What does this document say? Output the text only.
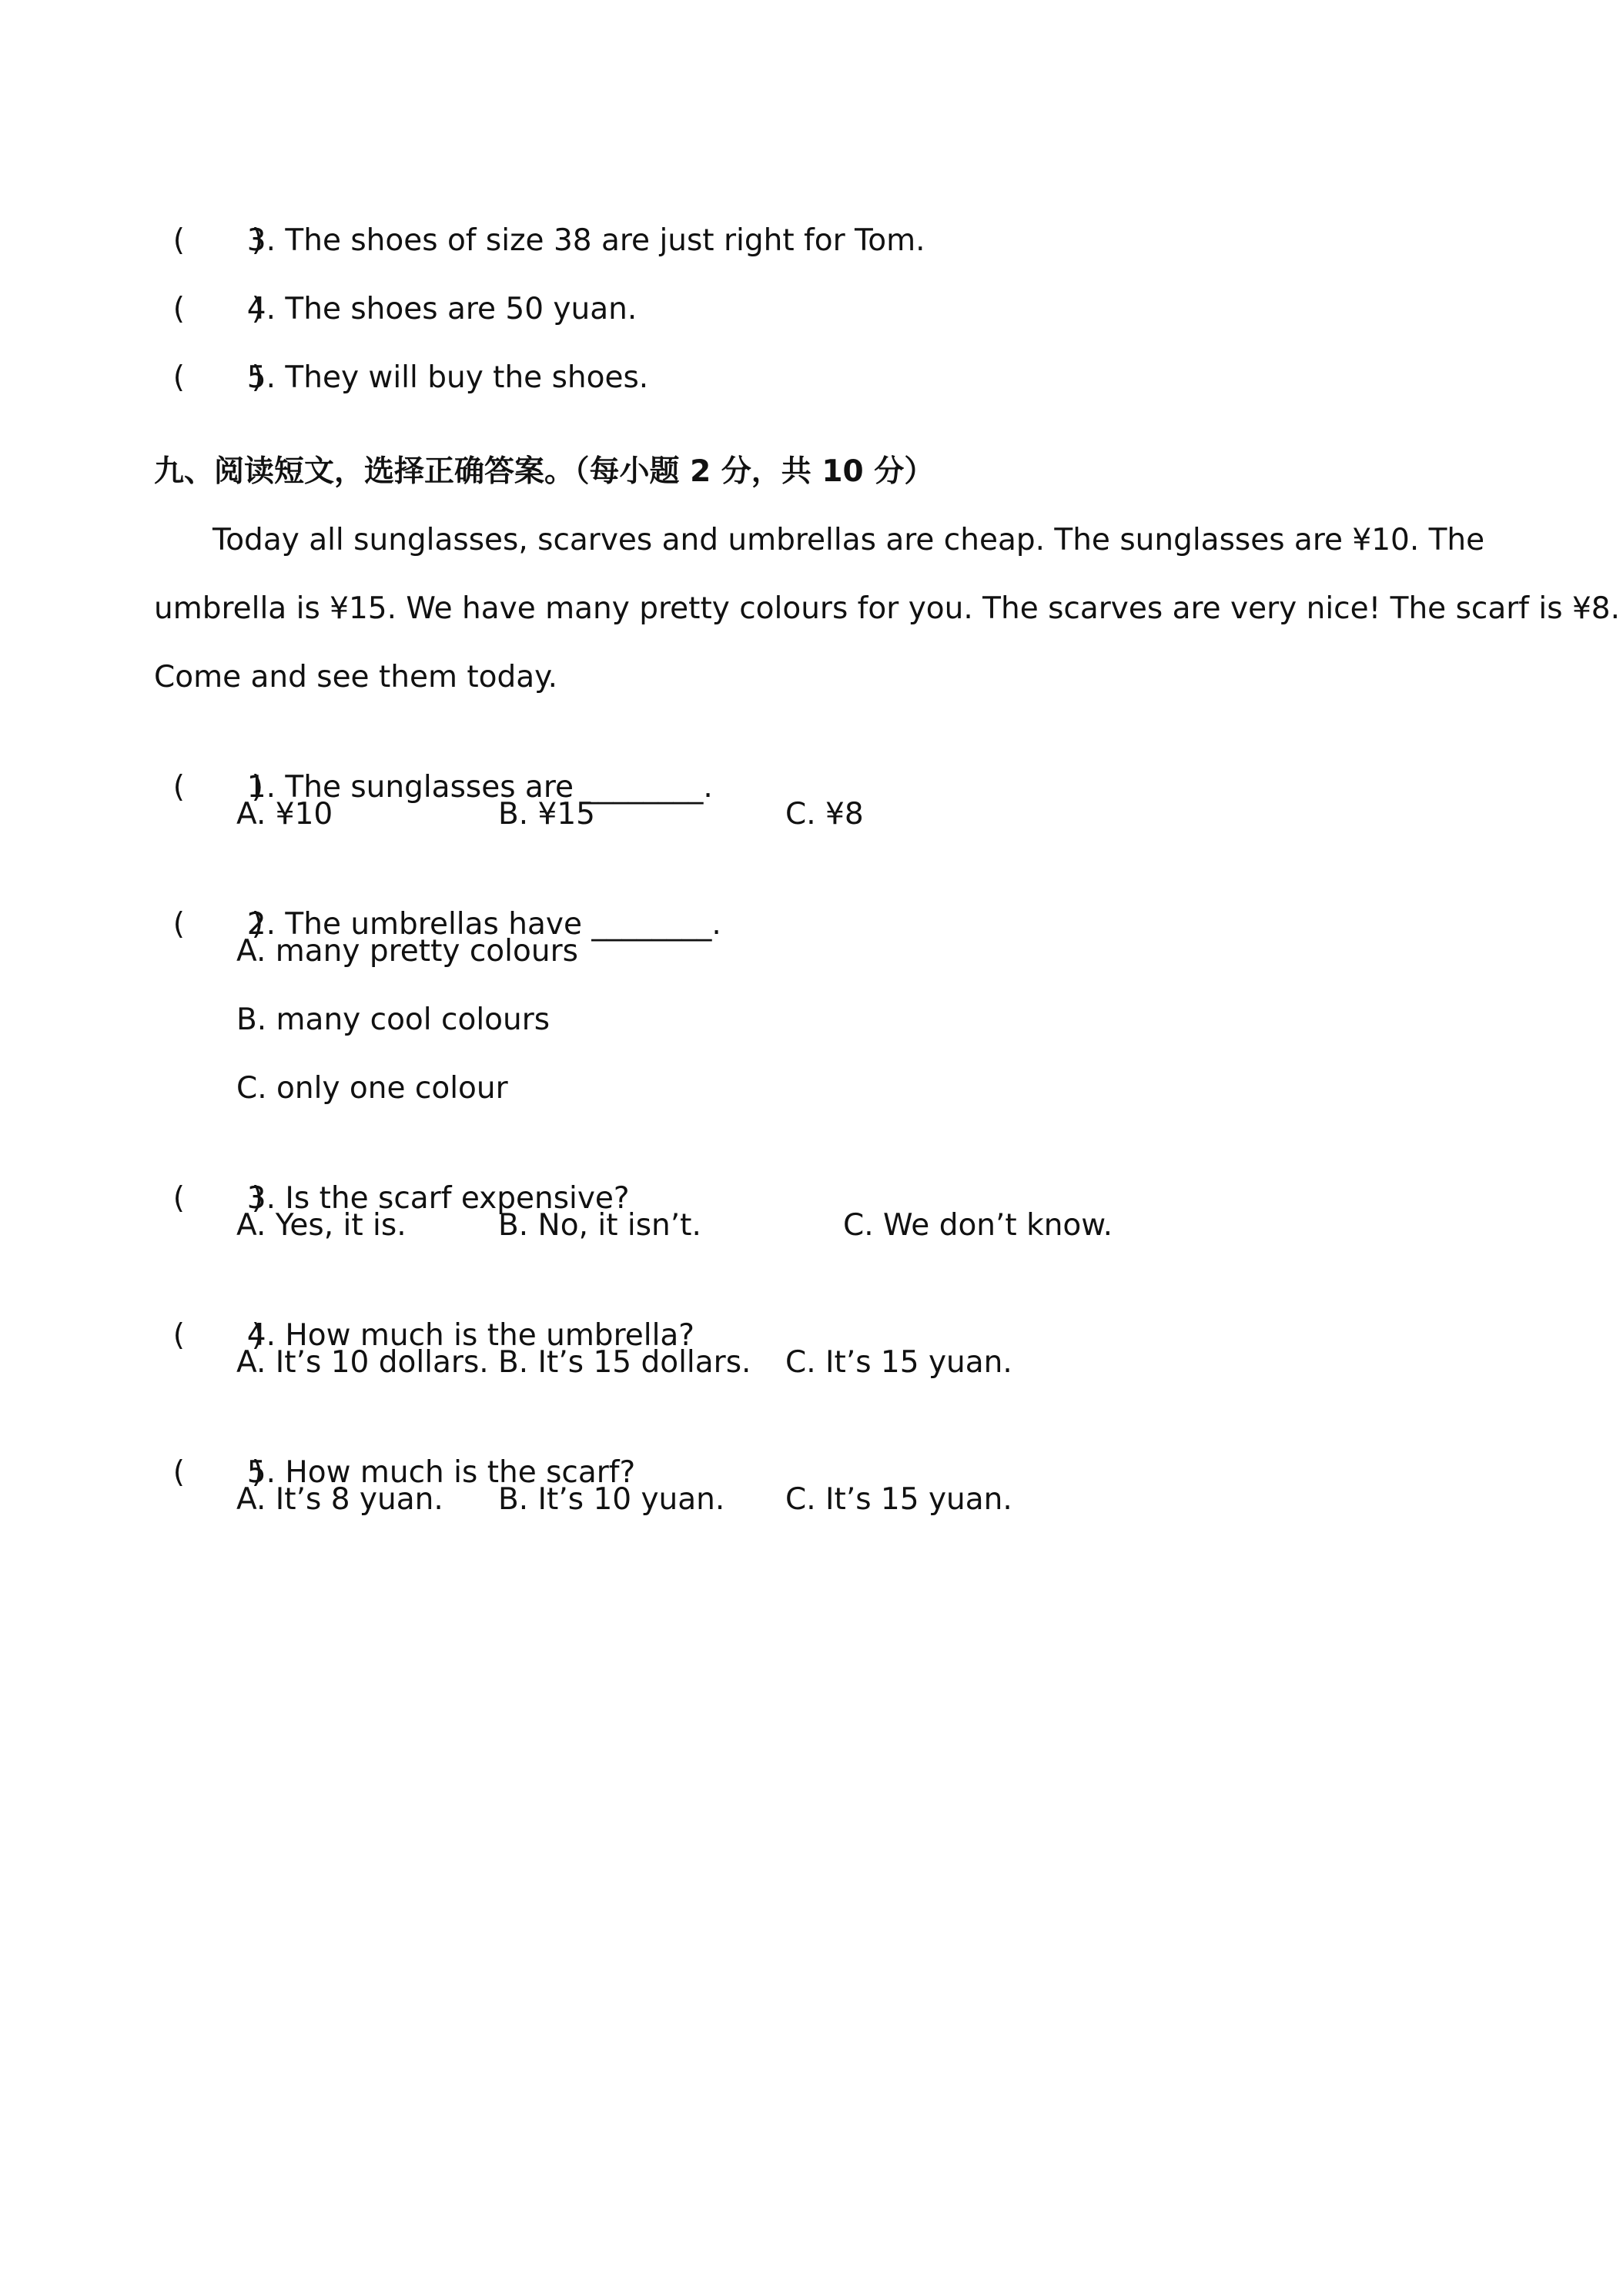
(       )3. The shoes of size 38 are just right for Tom.

(       )4. The shoes are 50 yuan.

(       )5. They will buy the shoes.

九、阅读短文，选择正确答案。（每小题 2 分，共 10 分）
Today all sunglasses, scarves and umbrellas are cheap. The sunglasses are ¥10. The
umbrella is ¥15. We have many pretty colours for you. The scarves are very nice! The scarf is ¥8.
Come and see them today.

(       )1. The sunglasses are ________.

A. ¥10	B. ¥15	C. ¥8

(       )2. The umbrellas have ________.

A. many pretty colours
B. many cool colours
C. only one colour

(       )3. Is the scarf expensive?

A. Yes, it is.	B. No, it isn’t.	C. We don’t know.

(       )4. How much is the umbrella?

A. It’s 10 dollars. B. It’s 15 dollars. C. It’s 15 yuan.

(       )5. How much is the scarf?

A. It’s 8 yuan. B. It’s 10 yuan. C. It’s 15 yuan.
